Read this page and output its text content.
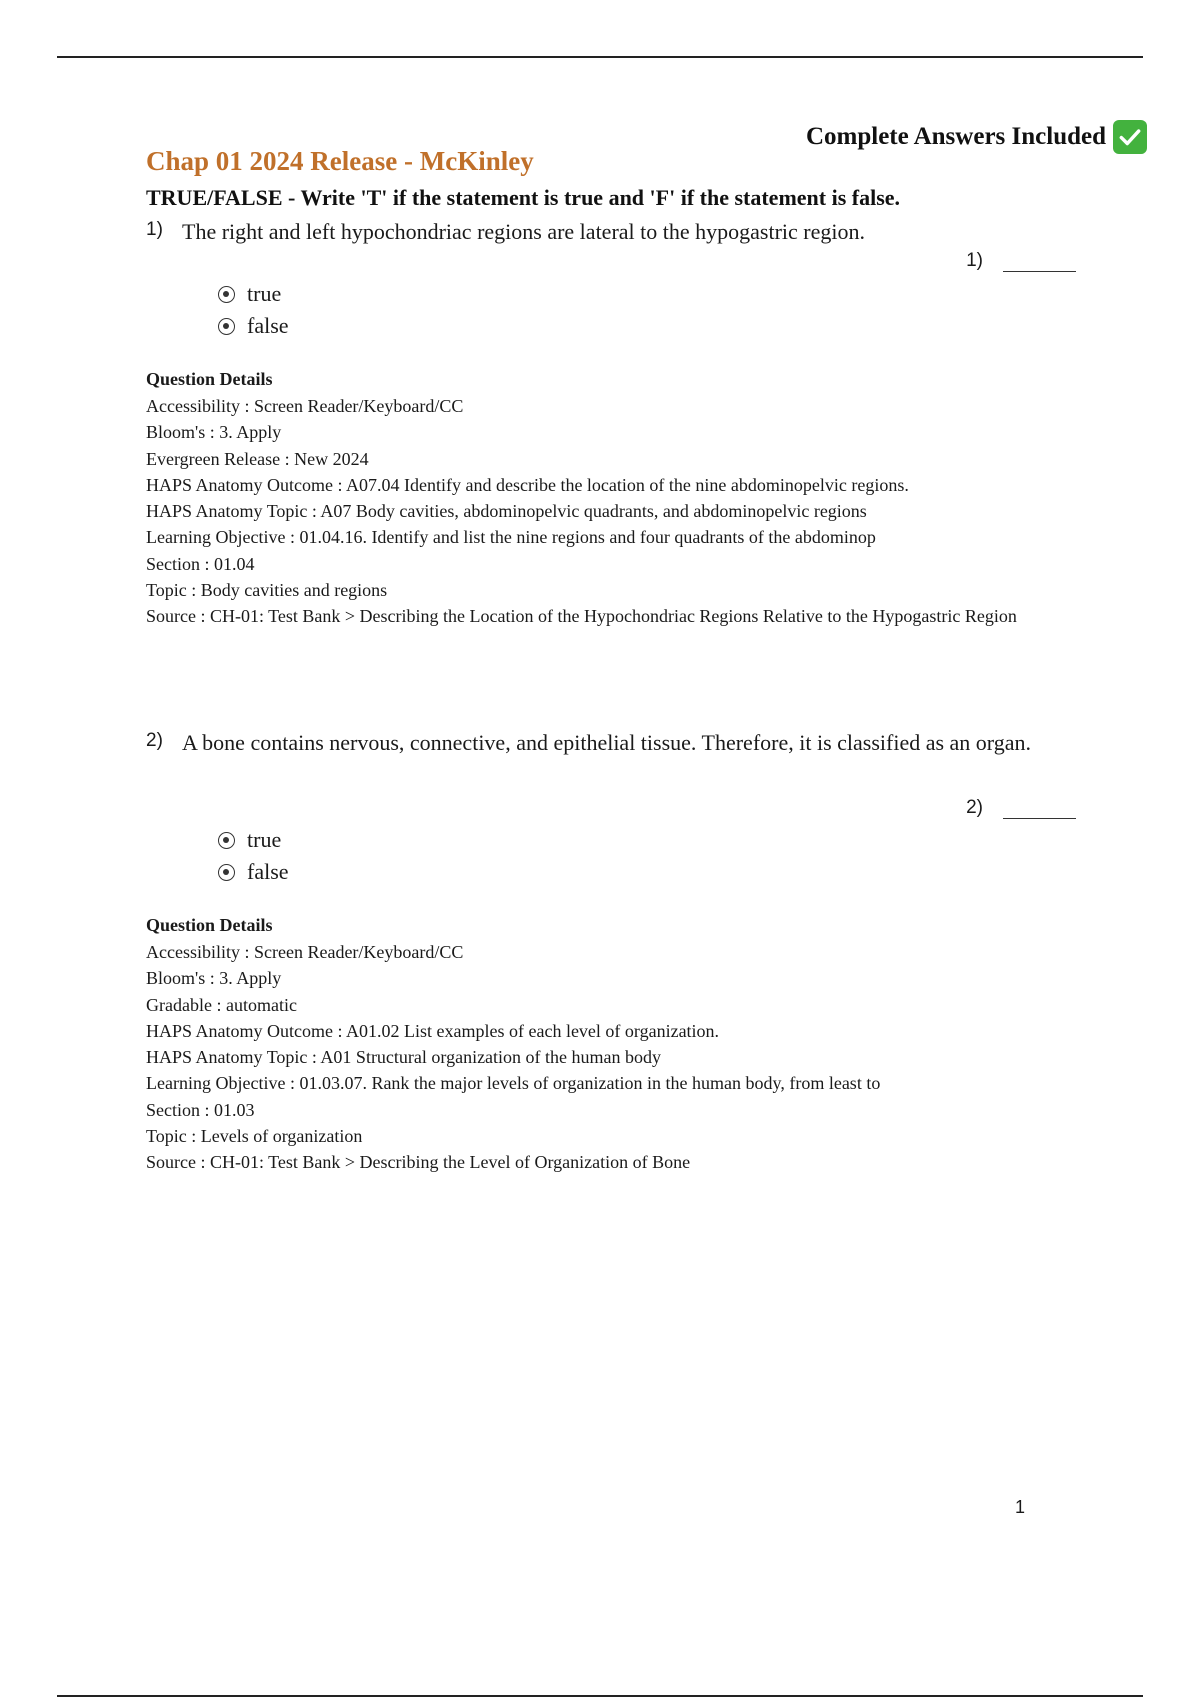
Complete Answers Included
Chap 01 2024 Release - McKinley
TRUE/FALSE - Write 'T' if the statement is true and 'F' if the statement is false.
1) The right and left hypochondriac regions are lateral to the hypogastric region.
1)
true
false
Question Details
Accessibility : Screen Reader/Keyboard/CC
Bloom's : 3. Apply
Evergreen Release : New 2024
HAPS Anatomy Outcome : A07.04 Identify and describe the location of the nine abdominopelvic regions.
HAPS Anatomy Topic : A07 Body cavities, abdominopelvic quadrants, and abdominopelvic regions
Learning Objective : 01.04.16. Identify and list the nine regions and four quadrants of the abdominop
Section : 01.04
Topic : Body cavities and regions
Source : CH-01: Test Bank > Describing the Location of the Hypochondriac Regions Relative to the Hypogastric Region
2) A bone contains nervous, connective, and epithelial tissue. Therefore, it is classified as an organ.
2)
true
false
Question Details
Accessibility : Screen Reader/Keyboard/CC
Bloom's : 3. Apply
Gradable : automatic
HAPS Anatomy Outcome : A01.02 List examples of each level of organization.
HAPS Anatomy Topic : A01 Structural organization of the human body
Learning Objective : 01.03.07. Rank the major levels of organization in the human body, from least to
Section : 01.03
Topic : Levels of organization
Source : CH-01: Test Bank > Describing the Level of Organization of Bone
1
